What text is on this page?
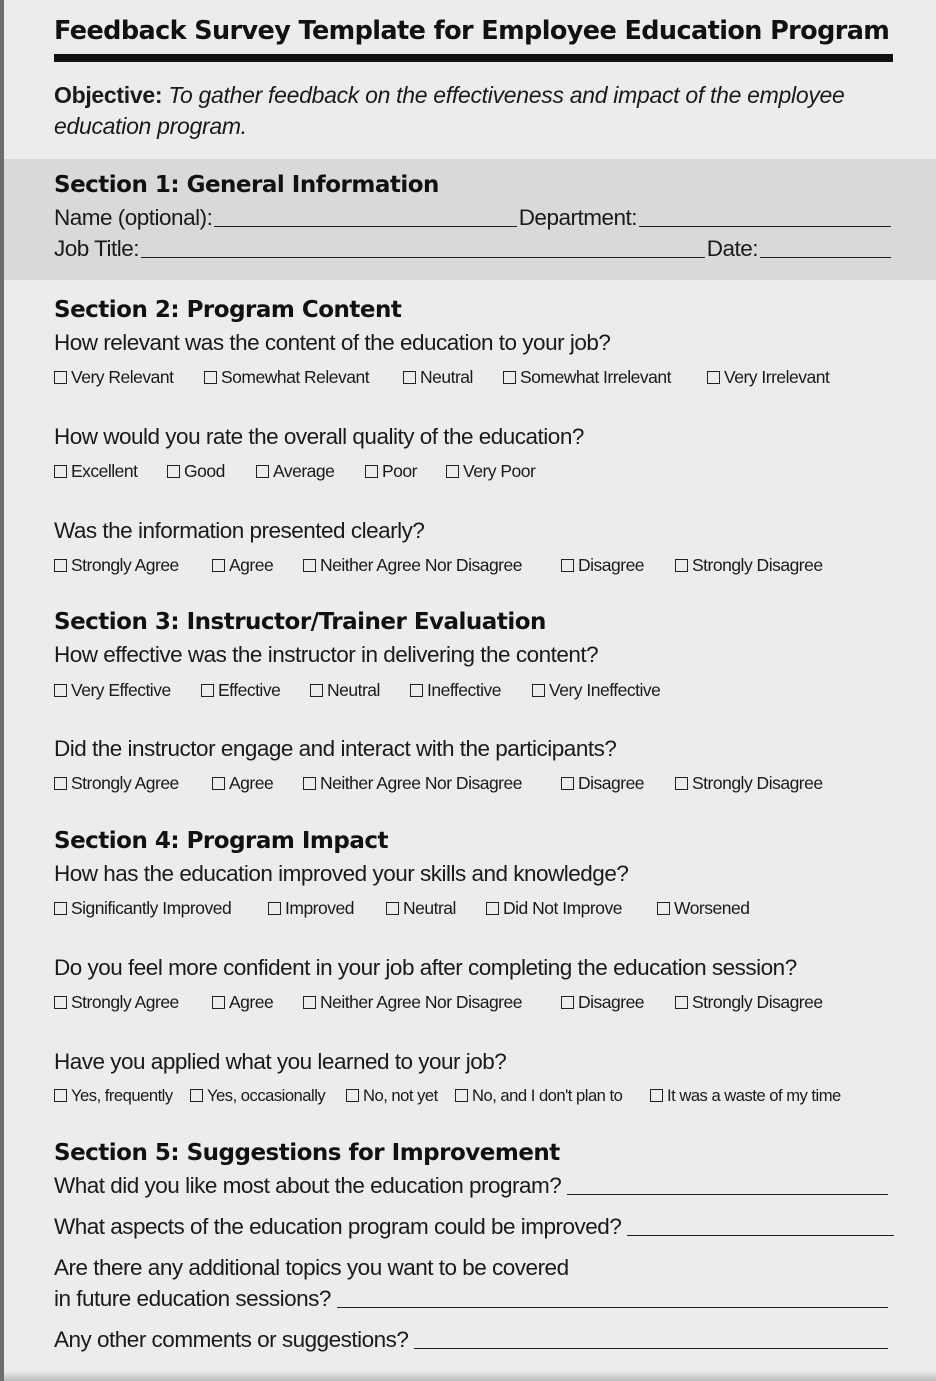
Feedback Survey Template for Employee Education Program
Objective: To gather feedback on the effectiveness and impact of the employee education program.
Section 1: General Information
Name (optional):	Department:
Job Title:	Date:
Section 2: Program Content
How relevant was the content of the education to your job?
Very Relevant	Somewhat Relevant	Neutral	Somewhat Irrelevant	Very Irrelevant
How would you rate the overall quality of the education?
Excellent	Good	Average	Poor	Very Poor
Was the information presented clearly?
Strongly Agree	Agree	Neither Agree Nor Disagree	Disagree	Strongly Disagree
Section 3: Instructor/Trainer Evaluation
How effective was the instructor in delivering the content?
Very Effective	Effective	Neutral	Ineffective	Very Ineffective
Did the instructor engage and interact with the participants?
Strongly Agree	Agree	Neither Agree Nor Disagree	Disagree	Strongly Disagree
Section 4: Program Impact
How has the education improved your skills and knowledge?
Significantly Improved	Improved	Neutral	Did Not Improve	Worsened
Do you feel more confident in your job after completing the education session?
Strongly Agree	Agree	Neither Agree Nor Disagree	Disagree	Strongly Disagree
Have you applied what you learned to your job?
Yes, frequently Yes, occasionally No, not yet No, and I don't plan to	It was a waste of my time
Section 5: Suggestions for Improvement
What did you like most about the education program?
What aspects of the education program could be improved?
Are there any additional topics you want to be covered
in future education sessions?
Any other comments or suggestions?
